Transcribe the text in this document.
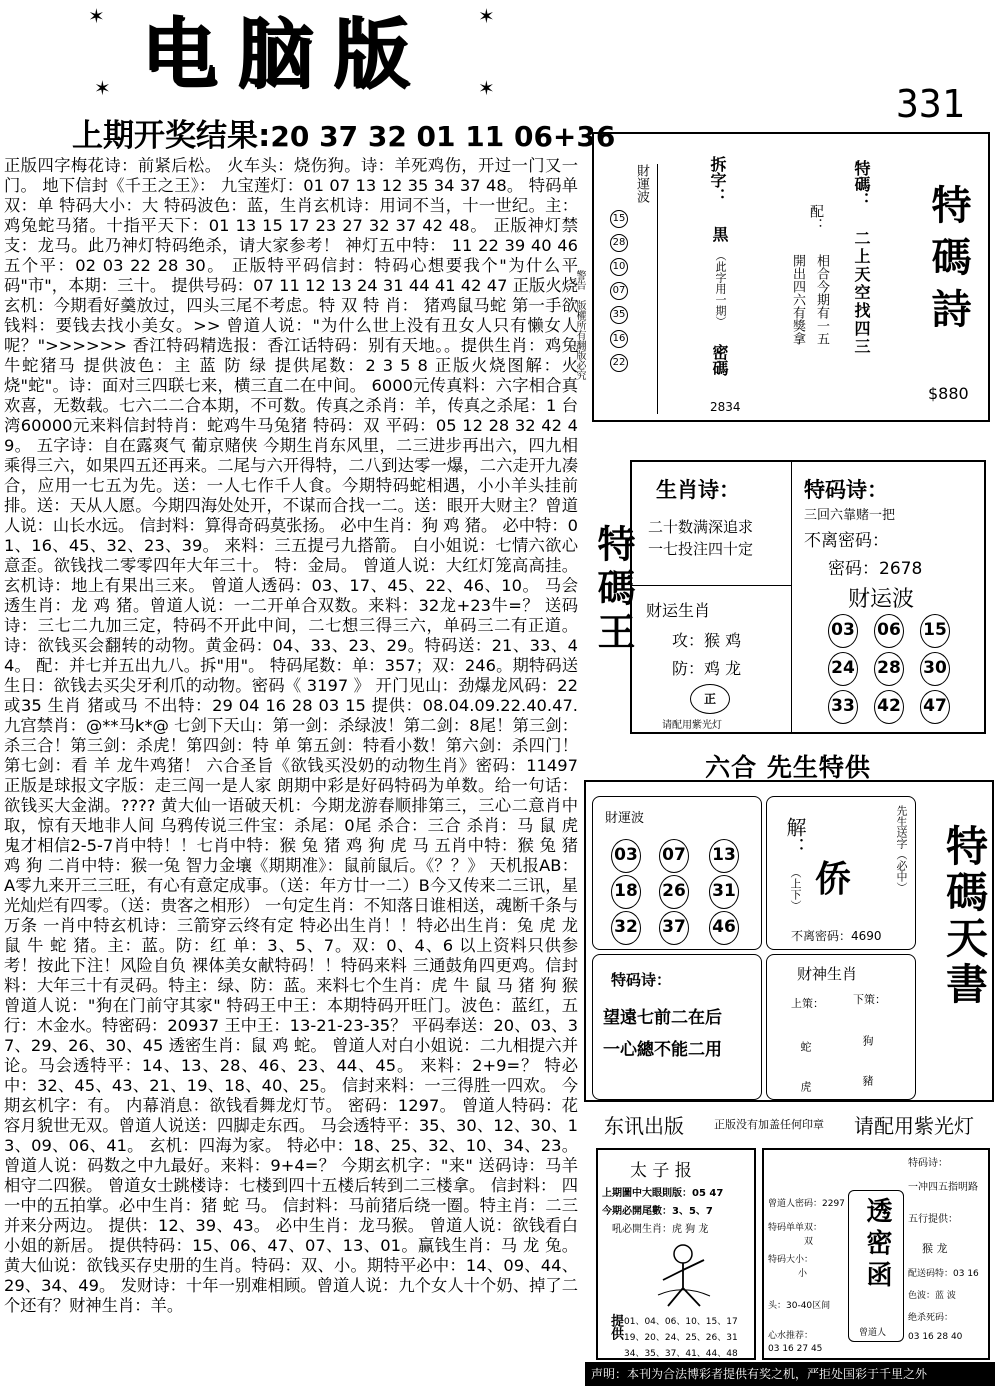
✶	✶
✶	✶
电脑版
331
上期开奖结果:20 37 32 01 11 06+36
正版四字梅花诗：前紧后松。 火车头：烧伤狗。诗：羊死鸡伤，开过一门又一门。 地下信封《千王之王》： 九宝莲灯：01 07 13 12 35 34 37 48。 特码单双：单 特码大小：大 特码波色：蓝，生肖玄机诗：用词不当，十一世纪。主：鸡兔蛇马猪。十指平天下：01 13 15 17 23 27 32 37 42 48。 正版神灯禁支：龙马。此乃神灯特码绝杀，请大家参考！ 神灯五中特： 11 22 39 40 46 五个平：02 03 22 28 30。 正版特平码信封：特码心想要我个"为什么平码"市"，本期：三十。 提供号码：07 11 12 13 24 31 44 41 42 47 正版火烧玄机：今期看好羹放过，四头三尾不考虑。特 双 特 肖： 猪鸡鼠马蛇 第一手欲钱料：要钱去找小美女。>> 曾道人说："为什么世上没有丑女人只有懒女人呢？">>>>>> 香江特码精选报：香江话特码：别有天地。。提供生肖：鸡兔牛蛇猪马 提供波色：主 蓝 防 绿 提供尾数：2 3 5 8 正版火烧图解：火烧"蛇"。诗：面对三四联七来，横三直二在中间。 6000元传真料：六字相合真欢喜，无数载。七六二二合本期，不可数。传真之杀肖：羊，传真之杀尾：1 台湾60000元来料信封特肖：蛇鸡牛马兔猪 特码：双 平码：05 12 28 32 42 49。 五字诗：自在露爽气 葡京赌侠 今期生肖东风里，二三进步再出六，四九相乘得三六，如果四五还再来。二尾与六开得特，二八到达零一爆，二六走开九凑合，应用一七五为先。送：一人七作千人食。今期特码蛇相遇，小小羊头挂前排。送：天从人愿。今期四海处处开，不谋而合找一二。送：眼开大财主？曾道人说：山长水远。 信封料：算得奇码莫张扬。 必中生肖：狗 鸡 猪。 必中特：01、16、45、32、23、39。 来料：三五提弓九搭箭。 白小姐说：七情六欲心意歪。欲钱找二零零四年大年三十。 特：金局。 曾道人说：大红灯笼高高挂。 玄机诗：地上有果出三来。 曾道人透码：03、17、45、22、46、10。 马会透生肖：龙 鸡 猪。曾道人说：一二开单合双数。来料：32龙+23牛=？ 送码诗：三七二九加三定，特码不开此中间，二七想三得三六，单码三二有正道。诗：欲钱买会翻转的动物。黄金码：04、33、23、29。特码送：21、33、44。 配：并七并五出九八。拆"用"。 特码尾数：单：357；双：246。期特码送生日：欲钱去买尖牙利爪的动物。密码《 3197 》 开门见山：劲爆龙风码：22或35 生肖 猪或马 不出特：29 04 16 28 03 15 提供：08.04.09.22.40.47. 九宫禁肖：@**马k*@ 七剑下天山：第一剑：杀绿波！第二剑：8尾！第三剑：杀三合！第三剑：杀虎！第四剑：特 单 第五剑：特看小数！第六剑：杀四门！第七剑：看 羊 龙牛鸡猪！ 六合圣旨《欲钱买没奶的动物生肖》密码：11497 正版是球报文字版：走三闯一是人家 朗期中彩是好码特码为单数。给一句话：欲钱买大金湖。???? 黄大仙一语破天机：今期龙游春顺排第三，三心二意肖中取，惊有天地非人间 乌鸦传说三件宝：杀尾：0尾 杀合：三合 杀肖：马 鼠 虎 鬼才相信2-5-7肖中特！！七肖中特：猴 兔 猪 鸡 狗 虎 马 五肖中特：猴 兔 猪 鸡 狗 二肖中特：猴一兔 智力金壤《期期准》：鼠前鼠后。《？？》 天机报AB：A零九来开三三旺，有心有意定成事。（送：年方廿一二）B今又传来二三讯，星光灿烂有四零。（送：贵客之相形） 一句定生肖：不知落日谁相送，魂断千条与万条 一肖中特玄机诗：三箭穿云终有定 特必出生肖！！特必出生肖：兔 虎 龙 鼠 牛 蛇 猪。主：蓝。防：红 单：3、5、7。双：0、4、6 以上资料只供参考！按此下注！风险自负 裸体美女献特码！！特码来料 三通鼓角四更鸡。信封料：大年三十有灵码。特主：绿、防：蓝。来料七个生肖：虎 牛 鼠 马 猪 狗 猴 曾道人说："狗在门前守其家" 特码王中王：本期特码开旺门。波色：蓝红，五行：木金水。特密码：20937 王中王：13-21-23-35？ 平码奉送：20、03、37、29、26、30、45 透密生肖：鼠 鸡 蛇。 曾道人对白小姐说：二九相提六并论。马会透特平：14、13、28、46、23、44、45。 来料：2+9=？ 特必中：32、45、43、21、19、18、40、25。 信封来料：一三得胜一四欢。 今期玄机字：有。 内幕消息：欲钱看舞龙灯节。 密码：1297。 曾道人特码：花容月貌世无双。曾道人说送：四脚走东西。 马会透特平：35、30、12、30、13、09、06、41。 玄机：四海为家。 特必中：18、25、32、10、34、23。曾道人说：码数之中九最好。来料：9+4=？ 今期玄机字："来" 送码诗：马羊相守二四猴。 曾道女士跳楼诗：七楼到四十五楼后转到二三楼拿。 信封料： 四一中的五拍掌。必中生肖：猪 蛇 马。 信封料：马前猪后绕一圈。特主肖：二三并来分两边。 提供：12、39、43。 必中生肖：龙马猴。 曾道人说：欲钱看白小姐的新居。 提供特码：15、06、47、07、13、01。赢钱生肖：马 龙 兔。黄大仙说：欲钱买存史册的生肖。特码：双、小。期特平必中：14、09、44、29、34、49。 发财诗：十年一别难相顾。曾道人说：九个女人十个奶、掉了二个还有？财神生肖：羊。
財運波
15
28
10
07
35
16
22
拆字：
黒
（此字用一期）
密碼
2834
特碼：
二上天空找四三
配：
相合今期有一五
開出四六有獎拿	特碼詩
$880
警告
版權所有翻版必究
特碼王
生肖诗：
二十数满深追求
一七投注四十定
特码诗：
三回六靠赌一把
不离密码：
密码：2678
财运生肖
攻：猴 鸡
防：鸡 龙
正
请配用紫光灯
财运波
03 06 15
24 28 30
33 42 47
六合 先生特供
財運波
03 07 13
18 26 31
32 37 46
解：
（上下） 侨	先生送字（必中）
不离密码：4690
特码诗：
望遠七前二在后
一心總不能二用
财神生肖
上策：	下策：
蛇 虎	狗 豬
特碼天書
东讯出版	正版没有加盖任何印章 请配用紫光灯
太 子 报
上期圖中大眼則版：05 47
今期必開尾數：3、5、7
吼必開生肖：虎 狗 龙
提供 01、04、06、10、15、17
19、20、24、25、26、31
34、35、37、41、44、48
曾道人密码：2297
特码单单双：
双
特码大小：
小
头：30-40区间
心水推荐：
03 16 27 45
透密函
曾道人
特码诗：
一冲四五指明路
五行提供：
猴 龙
配送码特：03 16
色波：蓝 波
绝杀死码：
03 16 28 40
声明：本刊为合法博彩者提供有奖之机，严拒处国彩于千里之外
